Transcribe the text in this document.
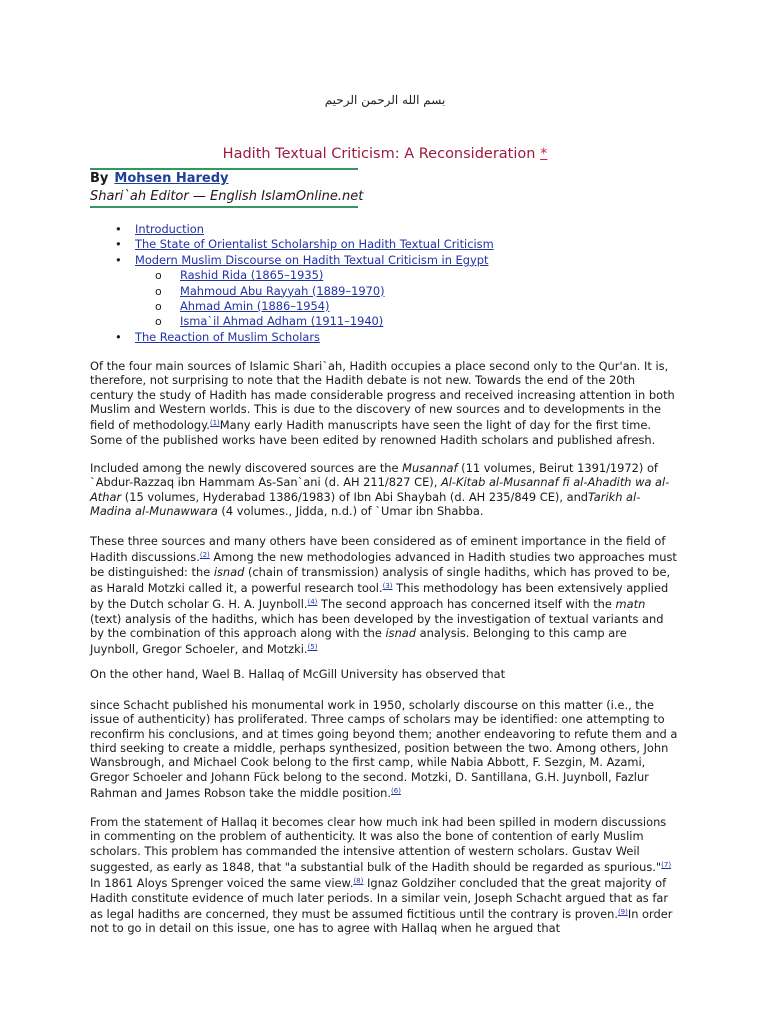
بسم الله الرحمن الرحيم
Hadith Textual Criticism: A Reconsideration *
By Mohsen Haredy
Shari`ah Editor — English IslamOnline.net
• Introduction
• The State of Orientalist Scholarship on Hadith Textual Criticism
• Modern Muslim Discourse on Hadith Textual Criticism in Egypt
o Rashid Rida (1865–1935)
o Mahmoud Abu Rayyah (1889–1970)
o Ahmad Amin (1886–1954)
o Isma`il Ahmad Adham (1911–1940)
• The Reaction of Muslim Scholars

Of the four main sources of Islamic Shari`ah, Hadith occupies a place second only to the Qur'an. It is, therefore, not surprising to note that the Hadith debate is not new. Towards the end of the 20th century the study of Hadith has made considerable progress and received increasing attention in both Muslim and Western worlds. This is due to the discovery of new sources and to developments in the field of methodology.$^{(1)}$Many early Hadith manuscripts have seen the light of day for the first time. Some of the published works have been edited by renowned Hadith scholars and published afresh.

Included among the newly discovered sources are the Musannaf (11 volumes, Beirut 1391/1972) of `Abdur-Razzaq ibn Hammam As-San`ani (d. AH 211/827 CE), Al-Kitab al-Musannaf fi al-Ahadith wa al-Athar (15 volumes, Hyderabad 1386/1983) of Ibn Abi Shaybah (d. AH 235/849 CE), andTarikh al-Madina al-Munawwara (4 volumes., Jidda, n.d.) of `Umar ibn Shabba.

These three sources and many others have been considered as of eminent importance in the field of Hadith discussions.$^{(2)}$ Among the new methodologies advanced in Hadith studies two approaches must be distinguished: the isnad (chain of transmission) analysis of single hadiths, which has proved to be, as Harald Motzki called it, a powerful research tool.$^{(3)}$ This methodology has been extensively applied by the Dutch scholar G. H. A. Juynboll.$^{(4)}$ The second approach has concerned itself with the matn (text) analysis of the hadiths, which has been developed by the investigation of textual variants and by the combination of this approach along with the isnad analysis. Belonging to this camp are Juynboll, Gregor Schoeler, and Motzki.$^{(5)}$

On the other hand, Wael B. Hallaq of McGill University has observed that

since Schacht published his monumental work in 1950, scholarly discourse on this matter (i.e., the issue of authenticity) has proliferated. Three camps of scholars may be identified: one attempting to reconfirm his conclusions, and at times going beyond them; another endeavoring to refute them and a third seeking to create a middle, perhaps synthesized, position between the two. Among others, John Wansbrough, and Michael Cook belong to the first camp, while Nabia Abbott, F. Sezgin, M. Azami, Gregor Schoeler and Johann Fück belong to the second. Motzki, D. Santillana, G.H. Juynboll, Fazlur Rahman and James Robson take the middle position.$^{(6)}$

From the statement of Hallaq it becomes clear how much ink had been spilled in modern discussions in commenting on the problem of authenticity. It was also the bone of contention of early Muslim scholars. This problem has commanded the intensive attention of western scholars. Gustav Weil suggested, as early as 1848, that "a substantial bulk of the Hadith should be regarded as spurious."$^{(7)}$ In 1861 Aloys Sprenger voiced the same view.$^{(8)}$ Ignaz Goldziher concluded that the great majority of Hadith constitute evidence of much later periods. In a similar vein, Joseph Schacht argued that as far as legal hadiths are concerned, they must be assumed fictitious until the contrary is proven.$^{(9)}$In order not to go in detail on this issue, one has to agree with Hallaq when he argued that
